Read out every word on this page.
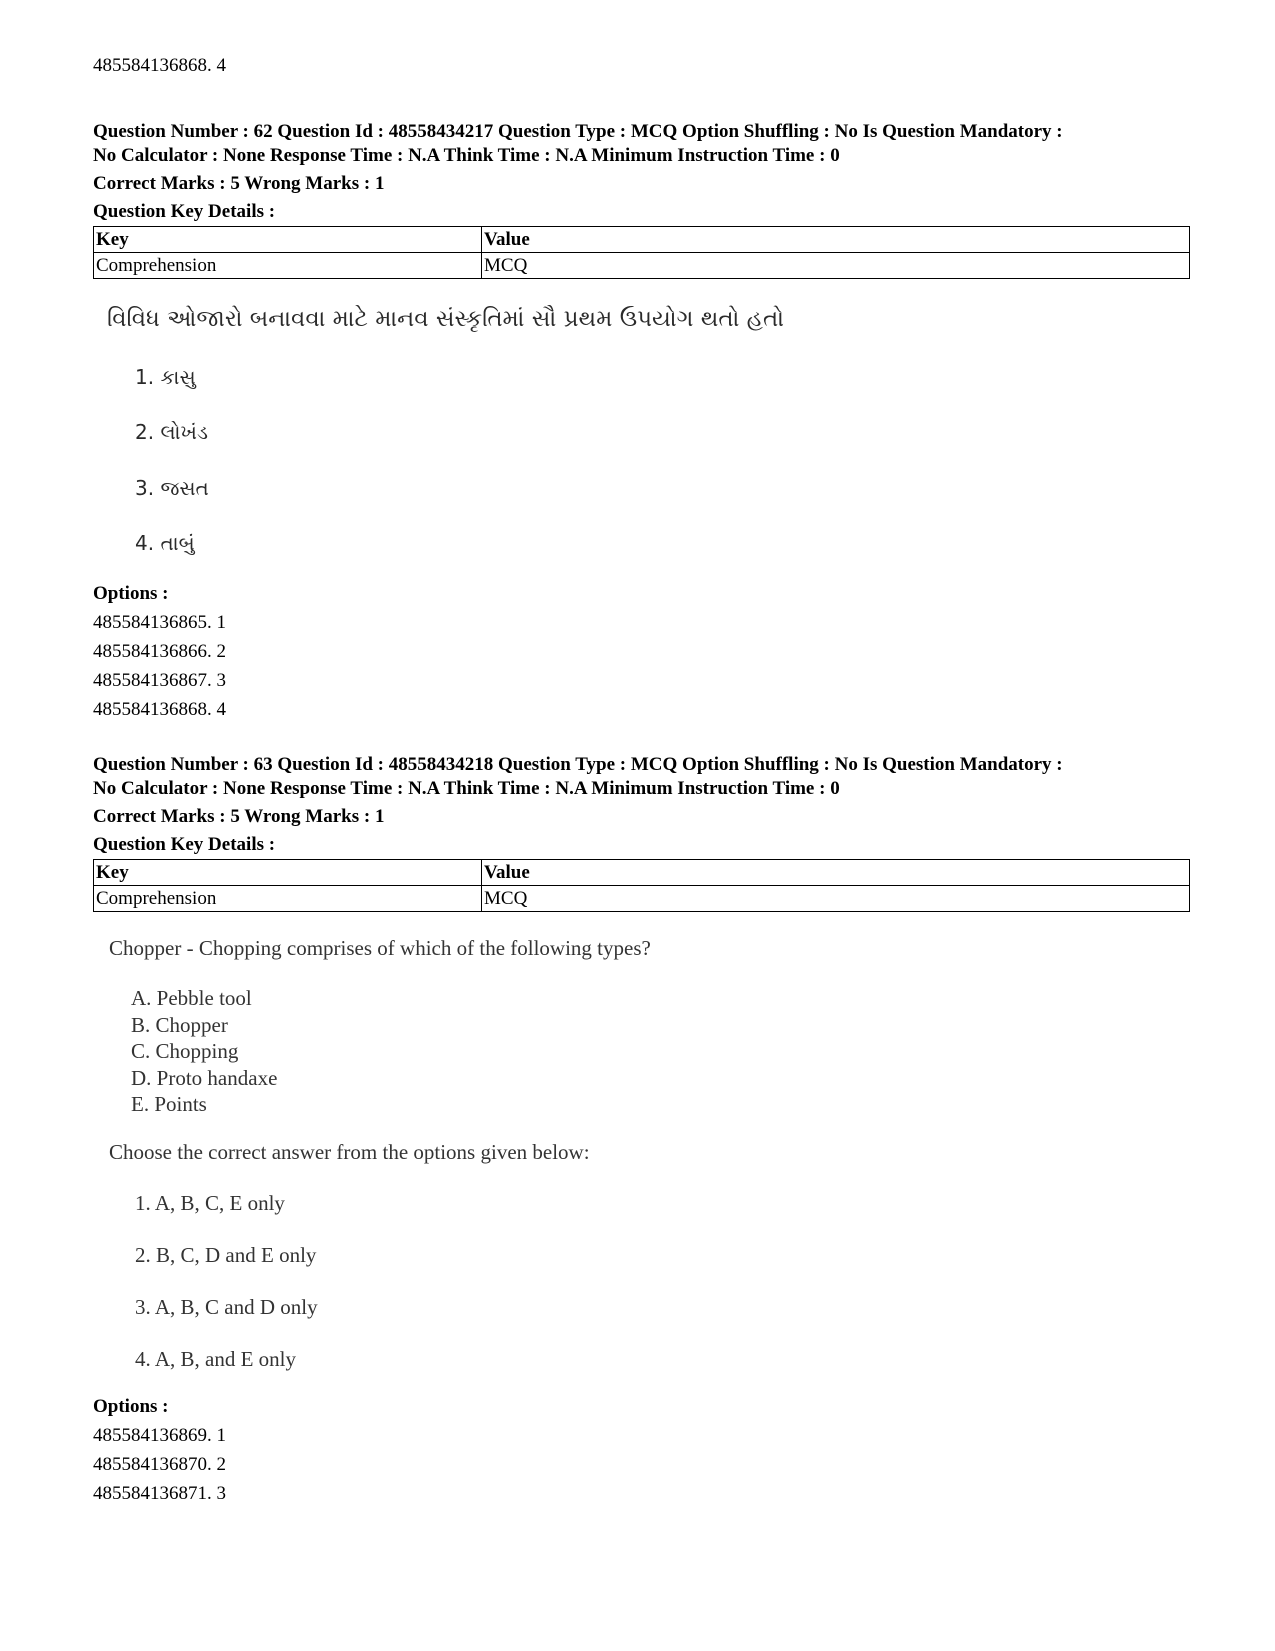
485584136868. 4
Question Number : 62 Question Id : 48558434217 Question Type : MCQ Option Shuffling : No Is Question Mandatory :
No Calculator : None Response Time : N.A Think Time : N.A Minimum Instruction Time : 0
Correct Marks : 5 Wrong Marks : 1
Question Key Details :
Key	Value
Comprehension	MCQ
વિવિધ ઓજારો બનાવવા માટે માનવ સંસ્કૃતિમાં સૌ પ્રથમ ઉપયોગ થતો હતો
1. કાસુ
2. લોખંડ
3. જસત
4. તાબું
Options :
485584136865. 1
485584136866. 2
485584136867. 3
485584136868. 4
Question Number : 63 Question Id : 48558434218 Question Type : MCQ Option Shuffling : No Is Question Mandatory :
No Calculator : None Response Time : N.A Think Time : N.A Minimum Instruction Time : 0
Correct Marks : 5 Wrong Marks : 1
Question Key Details :
Key	Value
Comprehension	MCQ
Chopper - Chopping comprises of which of the following types?
A. Pebble tool
B. Chopper
C. Chopping
D. Proto handaxe
E. Points
Choose the correct answer from the options given below:
1. A, B, C, E only
2. B, C, D and E only
3. A, B, C and D only
4. A, B, and E only
Options :
485584136869. 1
485584136870. 2
485584136871. 3
